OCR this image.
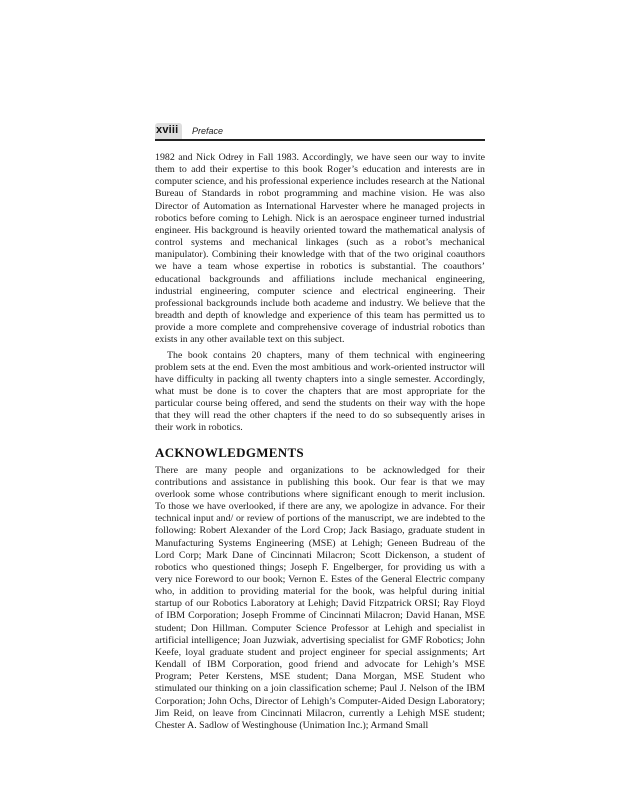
xviii Preface

1982 and Nick Odrey in Fall 1983. Accordingly, we have seen our way to invite them to add their expertise to this book Roger’s education and interests are in computer science, and his professional experience includes research at the National Bureau of Standards in robot programming and machine vision. He was also Director of Automation as International Harvester where he managed projects in robotics before coming to Lehigh. Nick is an aerospace engineer turned industrial engineer. His background is heavily oriented toward the mathematical analysis of control systems and mechanical linkages (such as a robot’s mechanical manipulator). Combining their knowledge with that of the two original coauthors we have a team whose expertise in robotics is substantial. The coauthors’ educational backgrounds and affiliations include mechanical engineering, industrial engineering, computer science and electrical engineering. Their professional backgrounds include both academe and industry. We believe that the breadth and depth of knowledge and experience of this team has permitted us to provide a more complete and comprehensive coverage of industrial robotics than exists in any other available text on this subject.

The book contains 20 chapters, many of them technical with engineering problem sets at the end. Even the most ambitious and work-oriented instructor will have difficulty in packing all twenty chapters into a single semester. Accordingly, what must be done is to cover the chapters that are most appropriate for the particular course being offered, and send the students on their way with the hope that they will read the other chapters if the need to do so subsequently arises in their work in robotics.

ACKNOWLEDGMENTS

There are many people and organizations to be acknowledged for their contributions and assistance in publishing this book. Our fear is that we may overlook some whose contributions where significant enough to merit inclusion. To those we have overlooked, if there are any, we apologize in advance. For their technical input and/ or review of portions of the manuscript, we are indebted to the following: Robert Alexander of the Lord Crop; Jack Basiago, graduate student in Manufacturing Systems Engineering (MSE) at Lehigh; Geneen Budreau of the Lord Corp; Mark Dane of Cincinnati Milacron; Scott Dickenson, a student of robotics who questioned things; Joseph F. Engelberger, for providing us with a very nice Foreword to our book; Vernon E. Estes of the General Electric company who, in addition to providing material for the book, was helpful during initial startup of our Robotics Laboratory at Lehigh; David Fitzpatrick ORSI; Ray Floyd of IBM Corporation; Joseph Fromme of Cincinnati Milacron; David Hanan, MSE student; Don Hillman. Computer Science Professor at Lehigh and specialist in artificial intelligence; Joan Juzwiak, advertising specialist for GMF Robotics; John Keefe, loyal graduate student and project engineer for special assignments; Art Kendall of IBM Corporation, good friend and advocate for Lehigh’s MSE Program; Peter Kerstens, MSE student; Dana Morgan, MSE Student who stimulated our thinking on a join classification scheme; Paul J. Nelson of the IBM Corporation; John Ochs, Director of Lehigh’s Computer-Aided Design Laboratory; Jim Reid, on leave from Cincinnati Milacron, currently a Lehigh MSE student; Chester A. Sadlow of Westinghouse (Unimation Inc.); Armand Small
